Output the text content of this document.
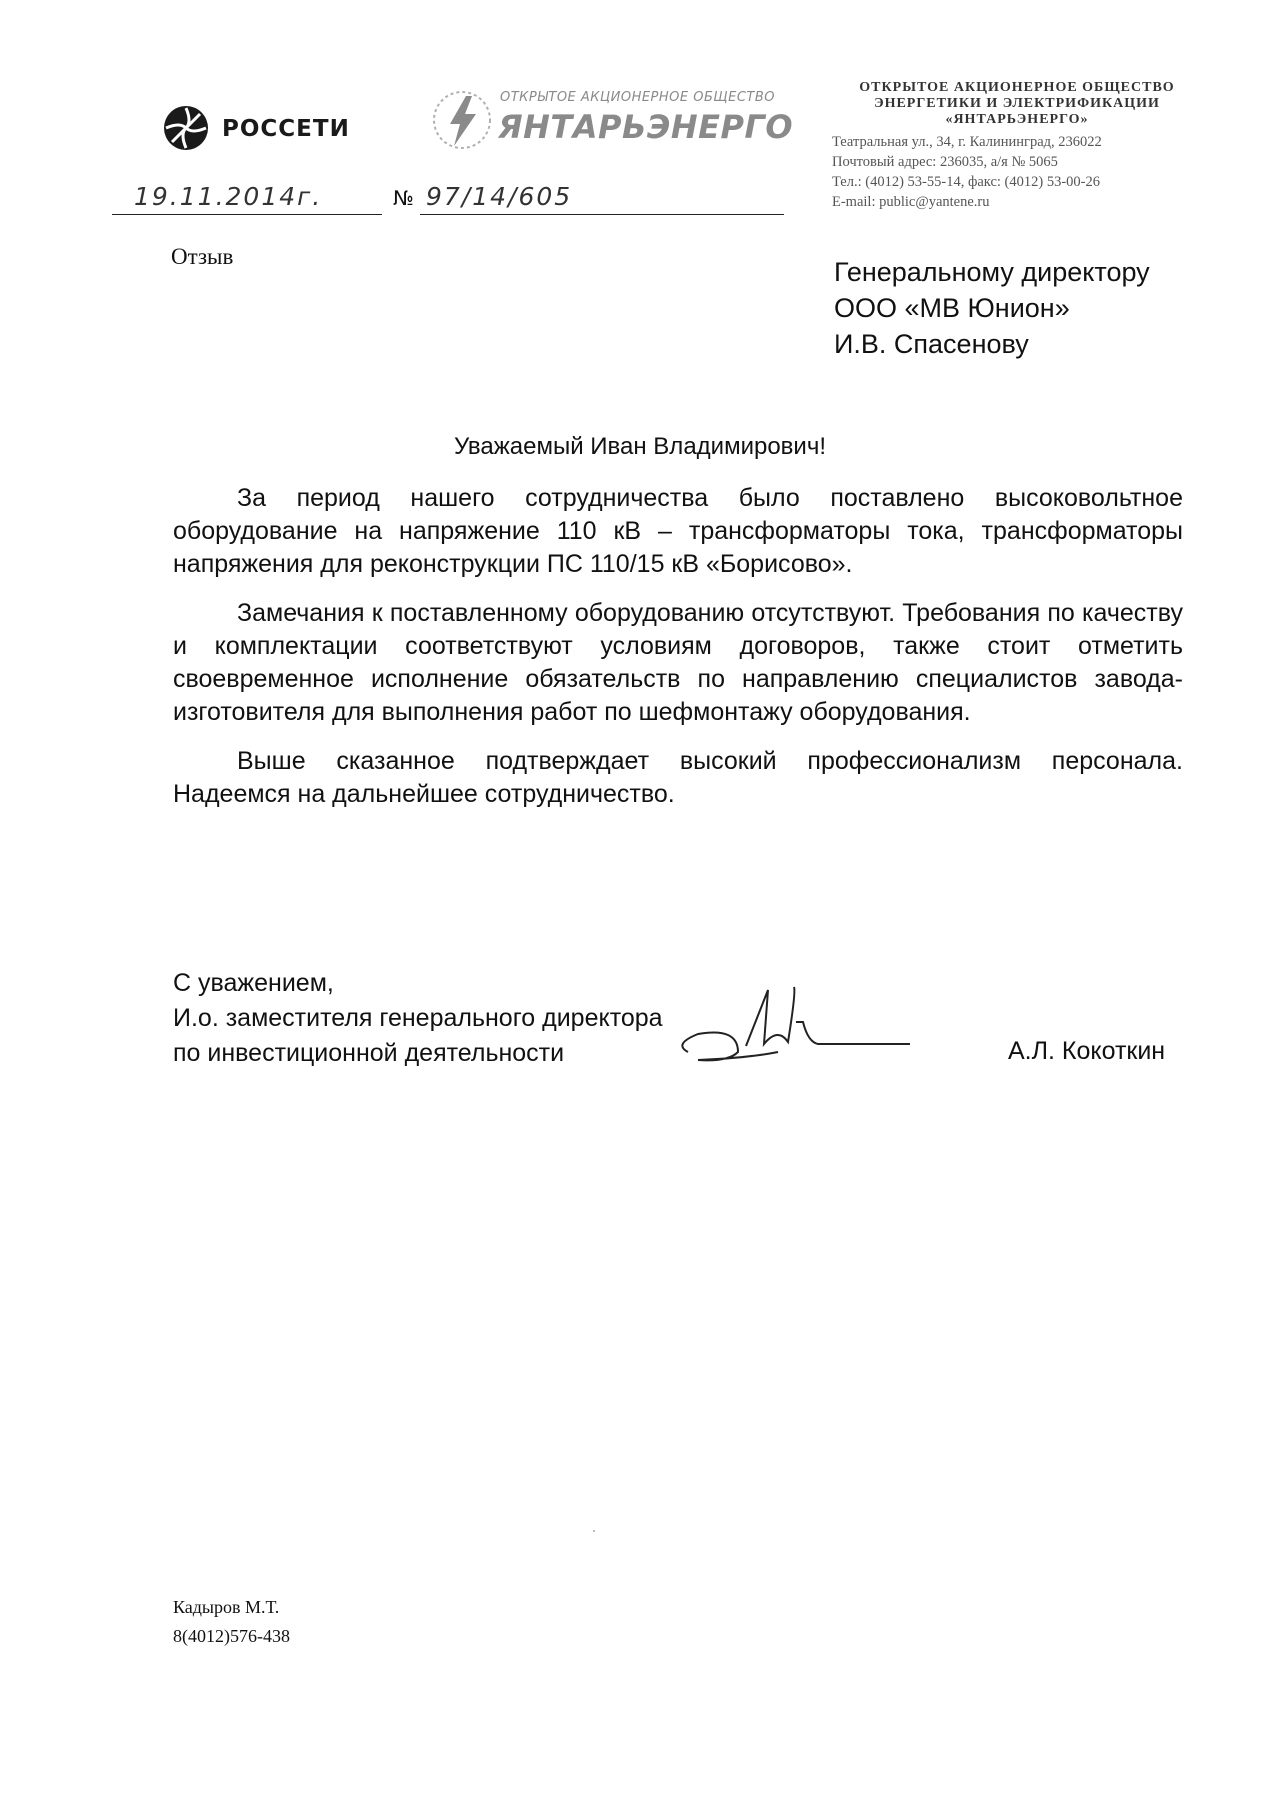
РОССЕТИ
ОТКРЫТОЕ АКЦИОНЕРНОЕ ОБЩЕСТВО
ЯНТАРЬЭНЕРГО
ОТКРЫТОЕ АКЦИОНЕРНОЕ ОБЩЕСТВО
ЭНЕРГЕТИКИ И ЭЛЕКТРИФИКАЦИИ
«ЯНТАРЬЭНЕРГО»
Театральная ул., 34, г. Калининград, 236022
Почтовый адрес: 236035, а/я № 5065
Тел.: (4012) 53-55-14, факс: (4012) 53-00-26
E-mail: public@yantene.ru
19.11.2014г.	№ 97/14/605
Отзыв
Генеральному директору
ООО «МВ Юнион»
И.В. Спасенову
Уважаемый Иван Владимирович!

За период нашего сотрудничества было поставлено высоковольтное оборудование на напряжение 110 кВ – трансформаторы тока, трансформаторы напряжения для реконструкции ПС 110/15 кВ «Борисово».

Замечания к поставленному оборудованию отсутствуют. Требования по качеству и комплектации соответствуют условиям договоров, также стоит отметить своевременное исполнение обязательств по направлению специалистов завода-изготовителя для выполнения работ по шефмонтажу оборудования.

Выше сказанное подтверждает высокий профессионализм персонала. Надеемся на дальнейшее сотрудничество.

С уважением,
И.о. заместителя генерального директора
по инвестиционной деятельности	А.Л. Кокоткин
Кадыров М.Т.
8(4012)576-438
